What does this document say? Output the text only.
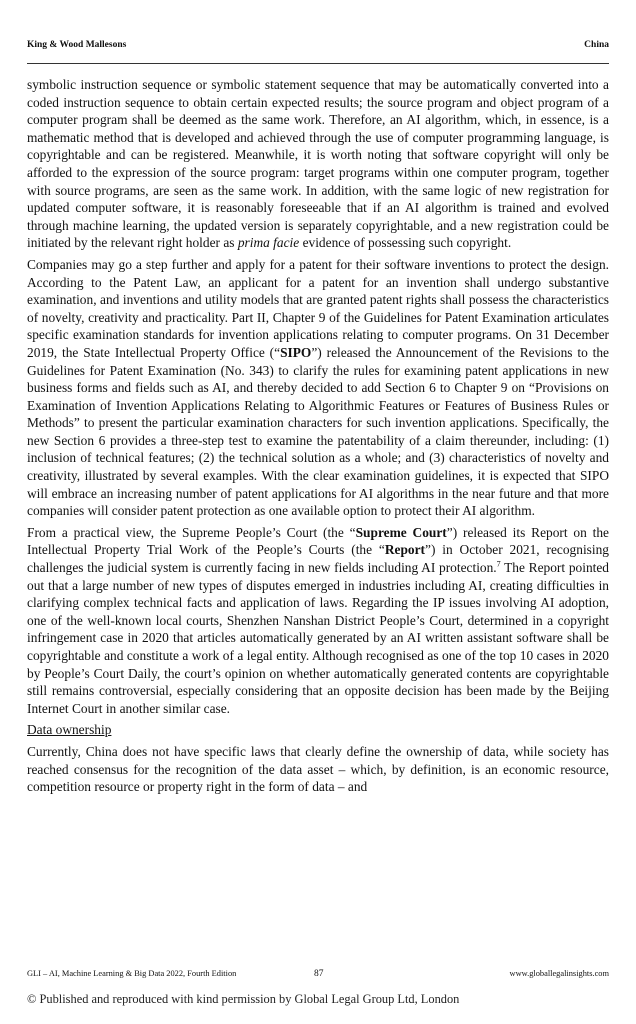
King & Wood Mallesons	China

symbolic instruction sequence or symbolic statement sequence that may be automatically converted into a coded instruction sequence to obtain certain expected results; the source program and object program of a computer program shall be deemed as the same work. Therefore, an AI algorithm, which, in essence, is a mathematic method that is developed and achieved through the use of computer programming language, is copyrightable and can be registered. Meanwhile, it is worth noting that software copyright will only be afforded to the expression of the source program: target programs within one computer program, together with source programs, are seen as the same work. In addition, with the same logic of new registration for updated computer software, it is reasonably foreseeable that if an AI algorithm is trained and evolved through machine learning, the updated version is separately copyrightable, and a new registration could be initiated by the relevant right holder as prima facie evidence of possessing such copyright.

Companies may go a step further and apply for a patent for their software inventions to protect the design. According to the Patent Law, an applicant for a patent for an invention shall undergo substantive examination, and inventions and utility models that are granted patent rights shall possess the characteristics of novelty, creativity and practicality. Part II, Chapter 9 of the Guidelines for Patent Examination articulates specific examination standards for invention applications relating to computer programs. On 31 December 2019, the State Intellectual Property Office (“SIPO”) released the Announcement of the Revisions to the Guidelines for Patent Examination (No. 343) to clarify the rules for examining patent applications in new business forms and fields such as AI, and thereby decided to add Section 6 to Chapter 9 on “Provisions on Examination of Invention Applications Relating to Algorithmic Features or Features of Business Rules or Methods” to present the particular examination characters for such invention applications. Specifically, the new Section 6 provides a three-step test to examine the patentability of a claim thereunder, including: (1) inclusion of technical features; (2) the technical solution as a whole; and (3) characteristics of novelty and creativity, illustrated by several examples. With the clear examination guidelines, it is expected that SIPO will embrace an increasing number of patent applications for AI algorithms in the near future and that more companies will consider patent protection as one available option to protect their AI algorithm.

From a practical view, the Supreme People’s Court (the “Supreme Court”) released its Report on the Intellectual Property Trial Work of the People’s Courts (the “Report”) in October 2021, recognising challenges the judicial system is currently facing in new fields including AI protection.$^7$ The Report pointed out that a large number of new types of disputes emerged in industries including AI, creating difficulties in clarifying complex technical facts and application of laws. Regarding the IP issues involving AI adoption, one of the well-known local courts, Shenzhen Nanshan District People’s Court, determined in a copyright infringement case in 2020 that articles automatically generated by an AI written assistant software shall be copyrightable and constitute a work of a legal entity. Although recognised as one of the top 10 cases in 2020 by People’s Court Daily, the court’s opinion on whether automatically generated contents are copyrightable still remains controversial, especially considering that an opposite decision has been made by the Beijing Internet Court in another similar case.

Data ownership

Currently, China does not have specific laws that clearly define the ownership of data, while society has reached consensus for the recognition of the data asset – which, by definition, is an economic resource, competition resource or property right in the form of data – and

GLI – AI, Machine Learning & Big Data 2022, Fourth Edition	87	www.globallegalinsights.com
© Published and reproduced with kind permission by Global Legal Group Ltd, London
